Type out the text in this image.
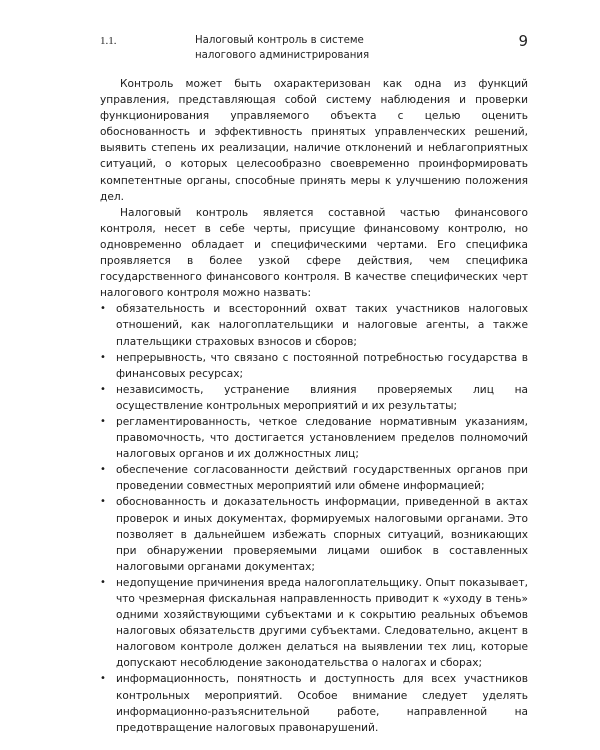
1.1.	Налоговый контроль в системе
налогового администрирования
9

Контроль может быть охарактеризован как одна из функций управления, представляющая собой систему наблюдения и проверки функционирования управляемого объекта с целью оценить обоснованность и эффективность принятых управленческих решений, выявить степень их реализации, наличие отклонений и неблагоприятных ситуаций, о которых целесообразно своевременно проинформировать компетентные органы, способные принять меры к улучшению положения дел.

Налоговый контроль является составной частью финансового контроля, несет в себе черты, присущие финансовому контролю, но одновременно обладает и специфическими чертами. Его специфика проявляется в более узкой сфере действия, чем специфика государственного финансового контроля. В качестве специфических черт налогового контроля можно назвать:

• обязательность и всесторонний охват таких участников налоговых отношений, как налогоплательщики и налоговые агенты, а также плательщики страховых взносов и сборов;
• непрерывность, что связано с постоянной потребностью государства в финансовых ресурсах;
• независимость, устранение влияния проверяемых лиц на осуществление контрольных мероприятий и их результаты;
• регламентированность, четкое следование нормативным указаниям, правомочность, что достигается установлением пределов полномочий налоговых органов и их должностных лиц;
• обеспечение согласованности действий государственных органов при проведении совместных мероприятий или обмене информацией;
• обоснованность и доказательность информации, приведенной в актах проверок и иных документах, формируемых налоговыми органами. Это позволяет в дальнейшем избежать спорных ситуаций, возникающих при обнаружении проверяемыми лицами ошибок в составленных налоговыми органами документах;
• недопущение причинения вреда налогоплательщику. Опыт показывает, что чрезмерная фискальная направленность приводит к «уходу в тень» одними хозяйствующими субъектами и к сокрытию реальных объемов налоговых обязательств другими субъектами. Следовательно, акцент в налоговом контроле должен делаться на выявлении тех лиц, которые допускают несоблюдение законодательства о налогах и сборах;
• информационность, понятность и доступность для всех участников контрольных мероприятий. Особое внимание следует уделять информационно-разъяснительной работе, направленной на предотвращение налоговых правонарушений.
